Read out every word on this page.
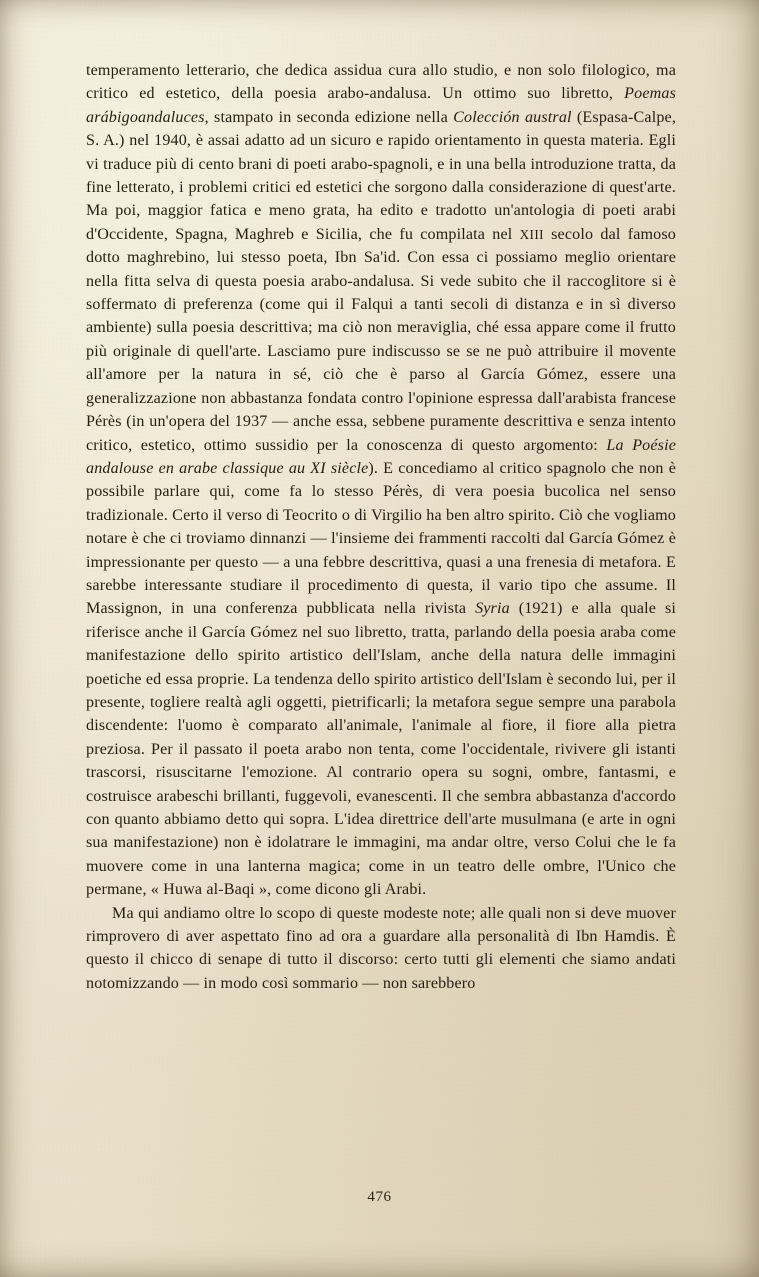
temperamento letterario, che dedica assidua cura allo studio, e non solo filologico, ma critico ed estetico, della poesia arabo-andalusa. Un ottimo suo libretto, Poemas arábigoandaluces, stampato in seconda edizione nella Colección austral (Espasa-Calpe, S. A.) nel 1940, è assai adatto ad un sicuro e rapido orientamento in questa materia. Egli vi traduce più di cento brani di poeti arabo-spagnoli, e in una bella introduzione tratta, da fine letterato, i problemi critici ed estetici che sorgono dalla considerazione di quest'arte. Ma poi, maggior fatica e meno grata, ha edito e tradotto un'antologia di poeti arabi d'Occidente, Spagna, Maghreb e Sicilia, che fu compilata nel XIII secolo dal famoso dotto maghrebino, lui stesso poeta, Ibn Sa'id. Con essa ci possiamo meglio orientare nella fitta selva di questa poesia arabo-andalusa. Si vede subito che il raccoglitore si è soffermato di preferenza (come qui il Falqui a tanti secoli di distanza e in sì diverso ambiente) sulla poesia descrittiva; ma ciò non meraviglia, ché essa appare come il frutto più originale di quell'arte. Lasciamo pure indiscusso se se ne può attribuire il movente all'amore per la natura in sé, ciò che è parso al García Gómez, essere una generalizzazione non abbastanza fondata contro l'opinione espressa dall'arabista francese Pérès (in un'opera del 1937 — anche essa, sebbene puramente descrittiva e senza intento critico, estetico, ottimo sussidio per la conoscenza di questo argomento: La Poésie andalouse en arabe classique au XI siècle). E concediamo al critico spagnolo che non è possibile parlare qui, come fa lo stesso Pérès, di vera poesia bucolica nel senso tradizionale. Certo il verso di Teocrito o di Virgilio ha ben altro spirito. Ciò che vogliamo notare è che ci troviamo dinnanzi — l'insieme dei frammenti raccolti dal García Gómez è impressionante per questo — a una febbre descrittiva, quasi a una frenesia di metafora. E sarebbe interessante studiare il procedimento di questa, il vario tipo che assume. Il Massignon, in una conferenza pubblicata nella rivista Syria (1921) e alla quale si riferisce anche il García Gómez nel suo libretto, tratta, parlando della poesia araba come manifestazione dello spirito artistico dell'Islam, anche della natura delle immagini poetiche ed essa proprie. La tendenza dello spirito artistico dell'Islam è secondo lui, per il presente, togliere realtà agli oggetti, pietrificarli; la metafora segue sempre una parabola discendente: l'uomo è comparato all'animale, l'animale al fiore, il fiore alla pietra preziosa. Per il passato il poeta arabo non tenta, come l'occidentale, rivivere gli istanti trascorsi, risuscitarne l'emozione. Al contrario opera su sogni, ombre, fantasmi, e costruisce arabeschi brillanti, fuggevoli, evanescenti. Il che sembra abbastanza d'accordo con quanto abbiamo detto qui sopra. L'idea direttrice dell'arte musulmana (e arte in ogni sua manifestazione) non è idolatrare le immagini, ma andar oltre, verso Colui che le fa muovere come in una lanterna magica; come in un teatro delle ombre, l'Unico che permane, « Huwa al-Baqi », come dicono gli Arabi.

Ma qui andiamo oltre lo scopo di queste modeste note; alle quali non si deve muover rimprovero di aver aspettato fino ad ora a guardare alla personalità di Ibn Hamdis. È questo il chicco di senape di tutto il discorso: certo tutti gli elementi che siamo andati notomizzando — in modo così sommario — non sarebbero

476
